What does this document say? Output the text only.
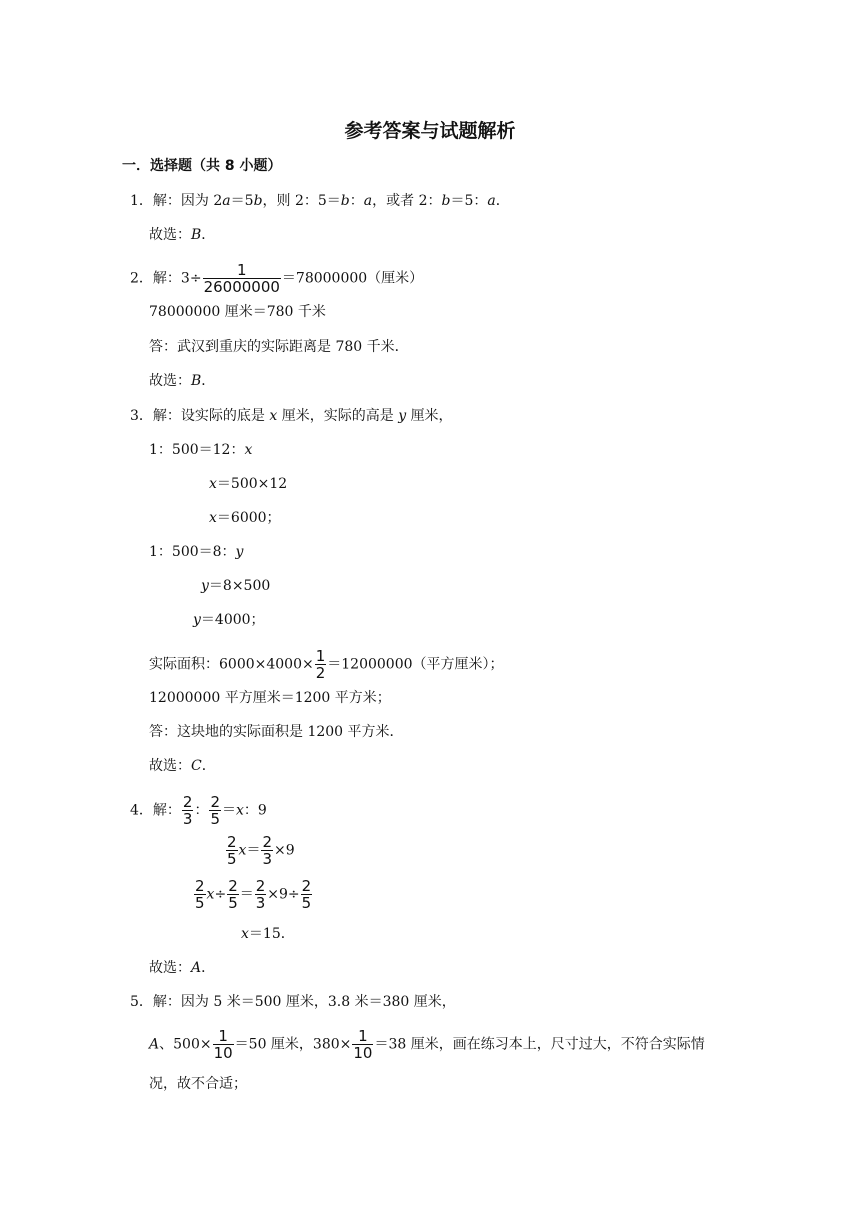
参考答案与试题解析
一．选择题（共 8 小题）
1．解：因为 2a＝5b，则 2：5＝b：a，或者 2：b＝5：a．
故选：B．
2．解：$3\div \frac{1}{26000000} =78000000$（厘米）
78000000 厘米＝780 千米
答：武汉到重庆的实际距离是 780 千米．
故选：B．
3．解：设实际的底是 x 厘米，实际的高是 y 厘米，
1：500＝12：x
x＝500×12
x＝6000；
1：500＝8：y
y＝8×500
y＝4000；
实际面积：$6000\times 4000\times \frac{1}{2} =12000000$（平方厘米）；
12000000 平方厘米＝1200 平方米；
答：这块地的实际面积是 1200 平方米．
故选：C．
4．解： $\frac{2}{3}$ ： $\frac{2}{5} =x$：9
$\frac{2}{5} x= \frac{2}{3} \times 9$
$\frac{2}{5} x\div \frac{2}{5} = \frac{2}{3} \times 9\div \frac{2}{5}$
x＝15．
故选：A．
5．解：因为 5 米＝500 厘米，3.8 米＝380 厘米，
A、$500\times \frac{1}{10} =50$ 厘米，$380\times \frac{1}{10} =38$ 厘米，画在练习本上，尺寸过大，不符合实际情
况，故不合适；
